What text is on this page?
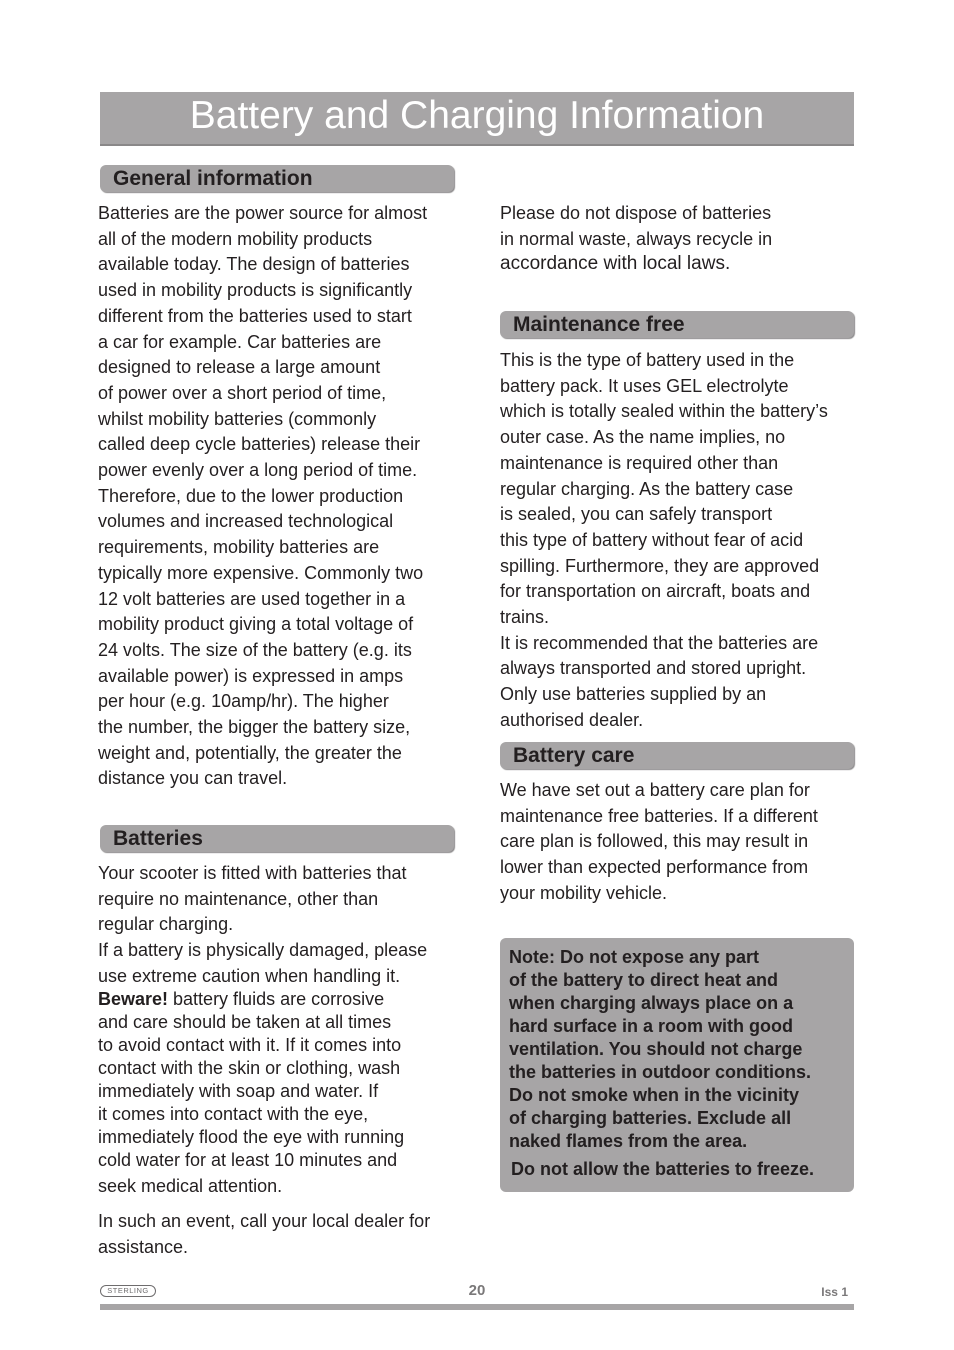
Battery and Charging Information
General information

Batteries are the power source for almost
all of the modern mobility products
available today. The design of batteries
used in mobility products is significantly
different from the batteries used to start
a car for example. Car batteries are
designed to release a large amount
of power over a short period of time,
whilst mobility batteries (commonly
called deep cycle batteries) release their
power evenly over a long period of time.
Therefore, due to the lower production
volumes and increased technological
requirements, mobility batteries are
typically more expensive. Commonly two
12 volt batteries are used together in a
mobility product giving a total voltage of
24 volts. The size of the battery (e.g. its
available power) is expressed in amps
per hour (e.g. 10amp/hr). The higher
the number, the bigger the battery size,
weight and, potentially, the greater the
distance you can travel.

Batteries

Your scooter is fitted with batteries that
require no maintenance, other than
regular charging.
If a battery is physically damaged, please
use extreme caution when handling it.

Beware! battery fluids are corrosive
and care should be taken at all times
to avoid contact with it. If it comes into
contact with the skin or clothing, wash
immediately with soap and water. If
it comes into contact with the eye,
immediately flood the eye with running
cold water for at least 10 minutes and

seek medical attention.

In such an event, call your local dealer for
assistance.

Please do not dispose of batteries
in normal waste, always recycle in

accordance with local laws.

Maintenance free

This is the type of battery used in the
battery pack. It uses GEL electrolyte
which is totally sealed within the battery’s
outer case. As the name implies, no
maintenance is required other than
regular charging. As the battery case
is sealed, you can safely transport
this type of battery without fear of acid
spilling. Furthermore, they are approved
for transportation on aircraft, boats and
trains.
It is recommended that the batteries are
always transported and stored upright.
Only use batteries supplied by an
authorised dealer.

Battery care

We have set out a battery care plan for
maintenance free batteries. If a different
care plan is followed, this may result in
lower than expected performance from
your mobility vehicle.

Note: Do not expose any part
of the battery to direct heat and
when charging always place on a
hard surface in a room with good
ventilation. You should not charge
the batteries in outdoor conditions.
Do not smoke when in the vicinity
of charging batteries. Exclude all
naked flames from the area.

Do not allow the batteries to freeze.

STERLING	20	Iss 1
